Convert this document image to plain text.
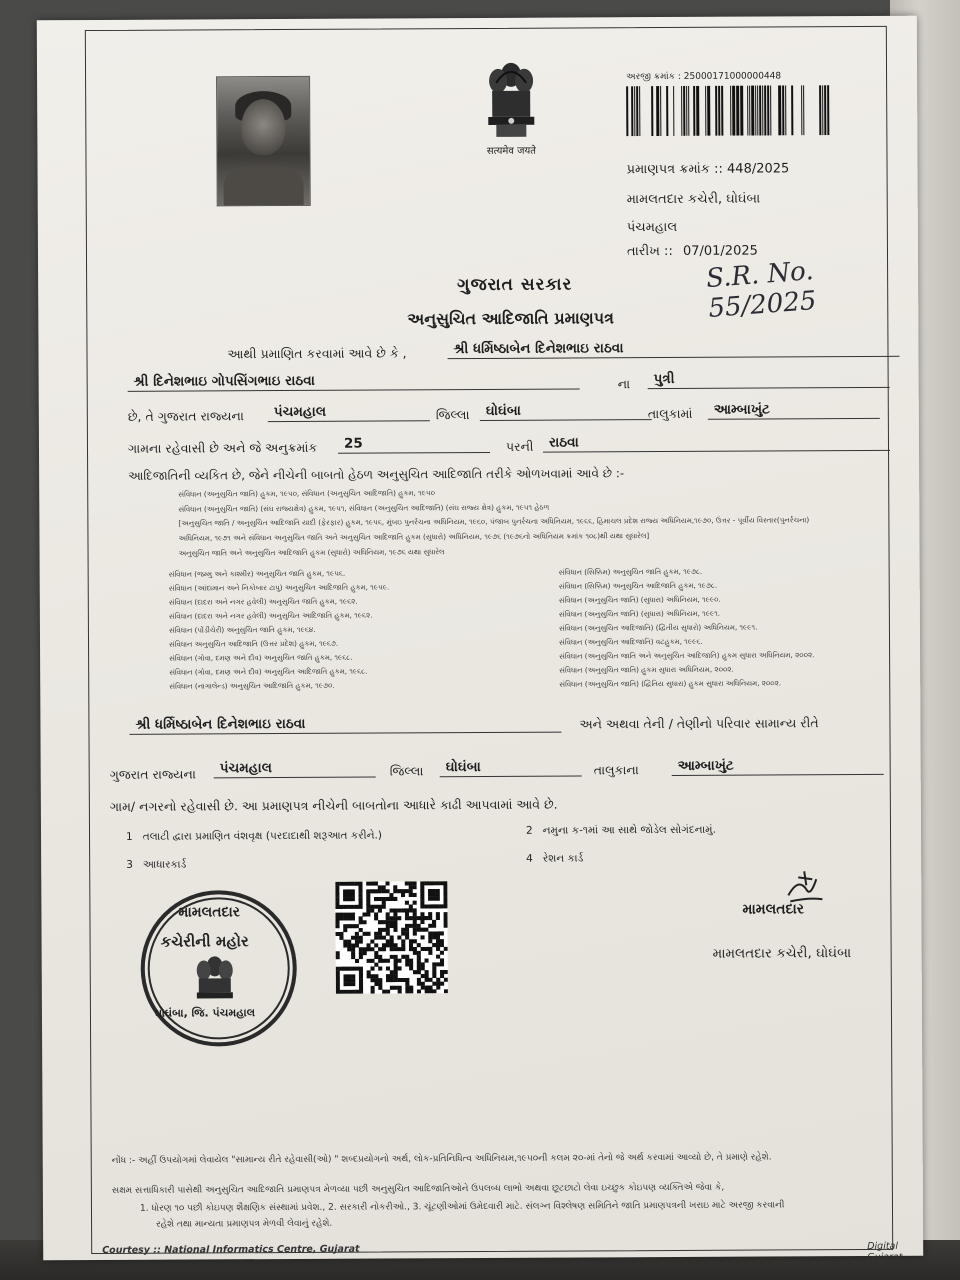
सत्यमेव जयते
અરજી ક્રમાંક : 25000171000000448
પ્રમાણપત્ર ક્રમાંક :: 448/2025
મામલતદાર કચેરી, ઘોઘંબા
પંચમહાલ
તારીખ :: 07/01/2025
ગુજરાત સરકાર	S.R. No. 55/2025
અનુસુચિત આદિજાતિ પ્રમાણપત્ર
આથી પ્રમાણિત કરવામાં આવે છે કે ,	શ્રી ધર્મિષ્ઠાબેન દિનેશભાઇ રાઠવા
શ્રી દિનેશભાઇ ગોપસિંગભાઇ રાઠવા	ના	પુત્રી
છે, તે ગુજરાત રાજ્યના	પંચમહાલ	જિલ્લા	ઘોઘંબા	તાલુકામાં	આમ્બાખુંટ
ગામના રહેવાસી છે અને જે અનુક્રમાંક	25	પરની	રાઠવા
આદિજાતિની વ્યકિત છે, જેને નીચેની બાબતો હેઠળ અનુસુચિત આદિજાતિ તરીકે ઓળખવામાં આવે છે :-
સંવિધાન (અનુસુચિત જાતિ) હુકમ, ૧૯૫૦, સંવિધાન (અનુસુચિત આદિજાતિ) હુકમ, ૧૯૫૦
સંવિધાન (અનુસુચિત જાતિ) (સંઘ રાજ્યક્ષેત્ર) હુકમ, ૧૯૫૧, સંવિધાન (અનુસુચિત આદિજાતિ) (સંઘ રાજ્ય ક્ષેત્ર) હુકમ, ૧૯૫૧ હેઠળ
[અનુસુચિત જાતિ / અનુસુચિત આદિજાતિ યાદી (ફેરફાર) હુકમ, ૧૯૫૬, મુંબઇ પુનર્રચના અધિનિયમ, ૧૯૬૦, પંજાબ પુનર્રચના અધિનિયમ, ૧૯૬૬, હિમાચલ પ્રદેશ રાજ્ય અધિનિયમ,૧૯૭૦, ઉત્તર - પૂર્વીય વિસ્તાર(પુનર્રચના)
અધિનિયમ, ૧૯૭૧ અને સંવિધાન અનુસુચિત જાતિ અને અનુસુચિત આદિજાતિ હુકમ (સુધારો) અધિનિયમ, ૧૯૭૬ (૧૯૭૬નો અધિનિયમ ક્રમાંક ૧૦૮)થી યથા સુધારેલ]
અનુસુચિત જાતિ અને અનુસુચિત આદિજાતિ હુકમ (સુધારો) અધિનિયમ, ૧૯૭૬ યથા સુધારેલ
સંવિધાન (જમ્મુ અને કાશ્મીર) અનુસુચિત જાતિ હુકમ, ૧૯૫૬.
સંવિધાન (આંદામાન અને નિકોબાર ટાપુ) અનુસુચિત આદિજાતિ હુકમ, ૧૯૫૯.
સંવિધાન (દાદરા અને નગર હવેલી) અનુસુચિત જાતિ હુકમ, ૧૯૬૨.
સંવિધાન (દાદરા અને નગર હવેલી) અનુસુચિત આદિજાતિ હુકમ, ૧૯૬૨.
સંવિધાન (પોંડીચેરી) અનુસુચિત જાતિ હુકમ, ૧૯૬૪.
સંવિધાન અનુસુચિત આદિજાતિ (ઉત્તર પ્રદેશ) હુકમ, ૧૯૬૭.
સંવિધાન (ગોવા, દમણ અને દીવ) અનુસુચિત જાતિ હુકમ, ૧૯૬૮.
સંવિધાન (ગોવા, દમણ અને દીવ) અનુસુચિત આદિજાતિ હુકમ, ૧૯૬૮.
સંવિધાન (નાગાલેન્ડ) અનુસુચિત આદિજાતિ હુકમ, ૧૯૭૦.
સંવિધાન (સિક્કિમ) અનુસુચિત જાતિ હુકમ, ૧૯૭૮.
સંવિધાન (સિક્કિમ) અનુસુચિત આદિજાતિ હુકમ, ૧૯૭૮.
સંવિધાન (અનુસુચિત જાતિ) (સુધારા) અધિનિયમ, ૧૯૯૦.
સંવિધાન (અનુસુચિત જાતિ) (સુધારા) અધિનિયમ, ૧૯૯૧.
સંવિધાન (અનુસુચિત આદિજાતિ) (દ્વિતીય સુધારો) અધિનિયમ, ૧૯૯૧.
સંવિધાન (અનુસુચિત આદિજાતિ) વટહુકમ, ૧૯૯૬.
સંવિધાન (અનુસુચિત જાતિ અને અનુસુચિત આદિજાતિ) હુકમ સુધારા અધિનિયમ, ૨૦૦૨.
સંવિધાન (અનુસુચિત જાતિ) હુકમ સુધારા અધિનિયમ, ૨૦૦૨.
સંવિધાન (અનુસુચિત જાતિ) (દ્વિતિય સુધારા) હુકમ સુધારા અધિનિયમ, ૨૦૦૨.
શ્રી ધર્મિષ્ઠાબેન દિનેશભાઇ રાઠવા	અને અથવા તેની / તેણીનો પરિવાર સામાન્ય રીતે
ગુજરાત રાજ્યના	પંચમહાલ	જિલ્લા	ઘોઘંબા	તાલુકાના	આમ્બાખુંટ
ગામ/ નગરનો રહેવાસી છે. આ પ્રમાણપત્ર નીચેની બાબતોના આધારે કાઢી આપવામાં આવે છે.
1 તલાટી દ્વારા પ્રમાણિત વંશવૃક્ષ (પરદાદાથી શરૂઆત કરીને.)	2 નમુના ક-૧માં આ સાથે જોડેલ સોગંદનામું.
3 આધારકાર્ડ	4 રેશન કાર્ડ
મામલતદાર
કચેરીની મહોર
ઘોઘંબા, જિ. પંચમહાલ
મામલતદાર
મામલતદાર કચેરી, ઘોઘંબા
નોંધ :- અહીં ઉપયોગમાં લેવાયેલ "સામાન્ય રીતે રહેવાસી(ઓ) " શબ્દપ્રયોગનો અર્થ, લોક-પ્રતિનિધિત્વ અધિનિયમ,૧૯૫૦ની કલમ ૨૦-માં તેનો જે અર્થ કરવામાં આવ્યો છે, તે પ્રમાણે રહેશે.
સક્ષમ સત્તાધિકારી પાસેથી અનુસુચિત આદિજાતિ પ્રમાણપત્ર મેળવ્યા પછી અનુસુચિત આદિજાતિઓને ઉપલબ્ધ લાભો અથવા છૂટછાટો લેવા ઇચ્છુક કોઇપણ વ્યક્તિએ જેવા કે,
1. ધોરણ ૧૦ પછી કોઇપણ શૈક્ષણિક સંસ્થામાં પ્રવેશ., 2. સરકારી નોકરીઓ., 3. ચૂંટણીઓમાં ઉમેદવારી માટે. સંલગ્ન વિશ્લેષણ સમિતિને જાતિ પ્રમાણપત્રની ખરાઇ માટે અરજી કરવાની
રહેશે તથા માન્યતા પ્રમાણપત્ર મેળવી લેવાનું રહેશે.
Courtesy :: National Informatics Centre, Gujarat	Digital Gujarat
